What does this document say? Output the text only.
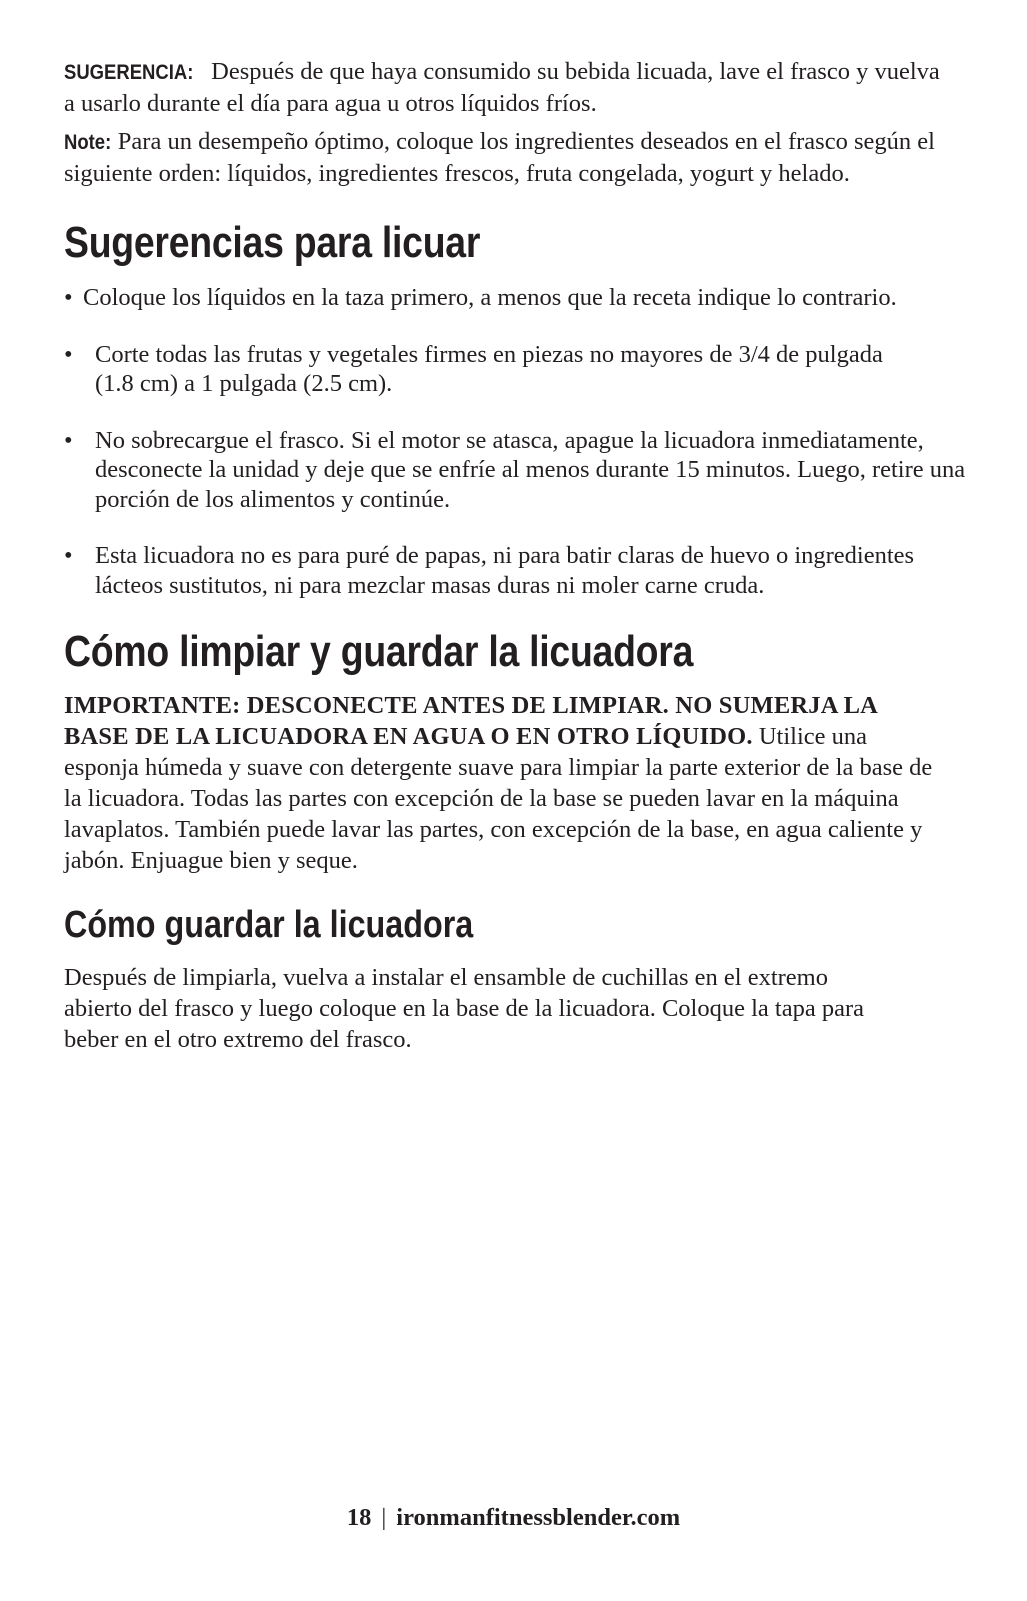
SUGERENCIA: Después de que haya consumido su bebida licuada, lave el frasco y vuelva a usarlo durante el día para agua u otros líquidos fríos.

Note: Para un desempeño óptimo, coloque los ingredientes deseados en el frasco según el siguiente orden: líquidos, ingredientes frescos, fruta congelada, yogurt y helado.

Sugerencias para licuar
• Coloque los líquidos en la taza primero, a menos que la receta indique lo contrario.
• Corte todas las frutas y vegetales firmes en piezas no mayores de 3/4 de pulgada (1.8 cm) a 1 pulgada (2.5 cm).
• No sobrecargue el frasco. Si el motor se atasca, apague la licuadora inmediatamente, desconecte la unidad y deje que se enfríe al menos durante 15 minutos. Luego, retire una porción de los alimentos y continúe.
• Esta licuadora no es para puré de papas, ni para batir claras de huevo o ingredientes lácteos sustitutos, ni para mezclar masas duras ni moler carne cruda.
Cómo limpiar y guardar la licuadora

IMPORTANTE: DESCONECTE ANTES DE LIMPIAR. NO SUMERJA LA BASE DE LA LICUADORA EN AGUA O EN OTRO LÍQUIDO. Utilice una esponja húmeda y suave con detergente suave para limpiar la parte exterior de la base de la licuadora. Todas las partes con excepción de la base se pueden lavar en la máquina lavaplatos. También puede lavar las partes, con excepción de la base, en agua caliente y jabón. Enjuague bien y seque.

Cómo guardar la licuadora

Después de limpiarla, vuelva a instalar el ensamble de cuchillas en el extremo abierto del frasco y luego coloque en la base de la licuadora. Coloque la tapa para beber en el otro extremo del frasco.

18 | ironmanfitnessblender.com
